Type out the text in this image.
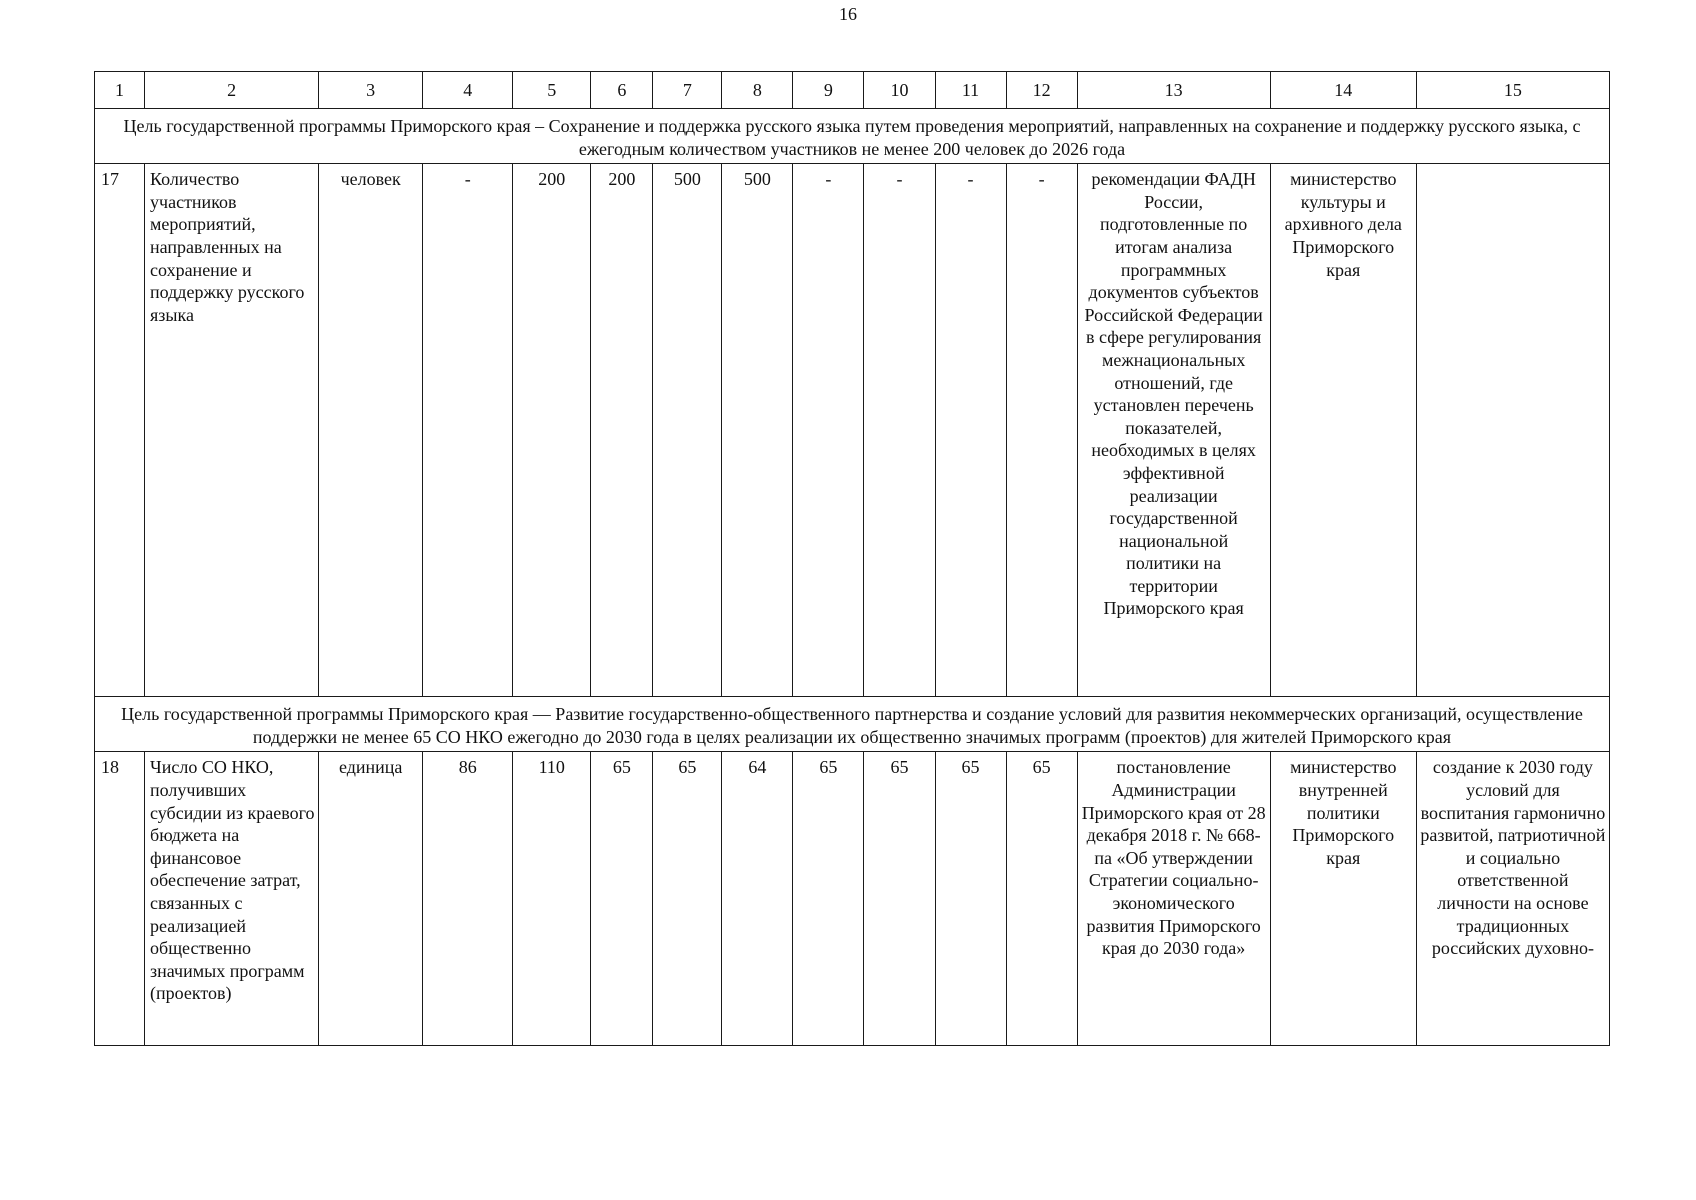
16
1	2	3	4	5	6	7	8	9	10	11	12	13	14	15
Цель государственной программы Приморского края – Сохранение и поддержка русского языка путем проведения мероприятий, направленных на сохранение и поддержку русского языка, с ежегодным количеством участников не менее 200 человек до 2026 года														
17	Количество участников мероприятий, направленных на сохранение и поддержку русского языка	человек	-	200	200	500	500	-	-	-	-	рекомендации ФАДН России, подготовленные по итогам анализа программных документов субъектов Российской Федерации в сфере регулирования межнациональных отношений, где установлен перечень показателей, необходимых в целях эффективной реализации государственной национальной политики на территории Приморского края	министерство культуры и архивного дела Приморского края	
Цель государственной программы Приморского края — Развитие государственно-общественного партнерства и создание условий для развития некоммерческих организаций, осуществление поддержки не менее 65 СО НКО ежегодно до 2030 года в целях реализации их общественно значимых программ (проектов) для жителей Приморского края														
18	Число СО НКО, получивших субсидии из краевого бюджета на финансовое обеспечение затрат, связанных с реализацией общественно значимых программ (проектов)	единица	86	110	65	65	64	65	65	65	65	постановление Администрации Приморского края от 28 декабря 2018 г. № 668-па «Об утверждении Стратегии социально-экономического развития Приморского края до 2030 года»	министерство внутренней политики Приморского края	создание к 2030 году условий для воспитания гармонично развитой, патриотичной и социально ответственной личности на основе традиционных российских духовно-
